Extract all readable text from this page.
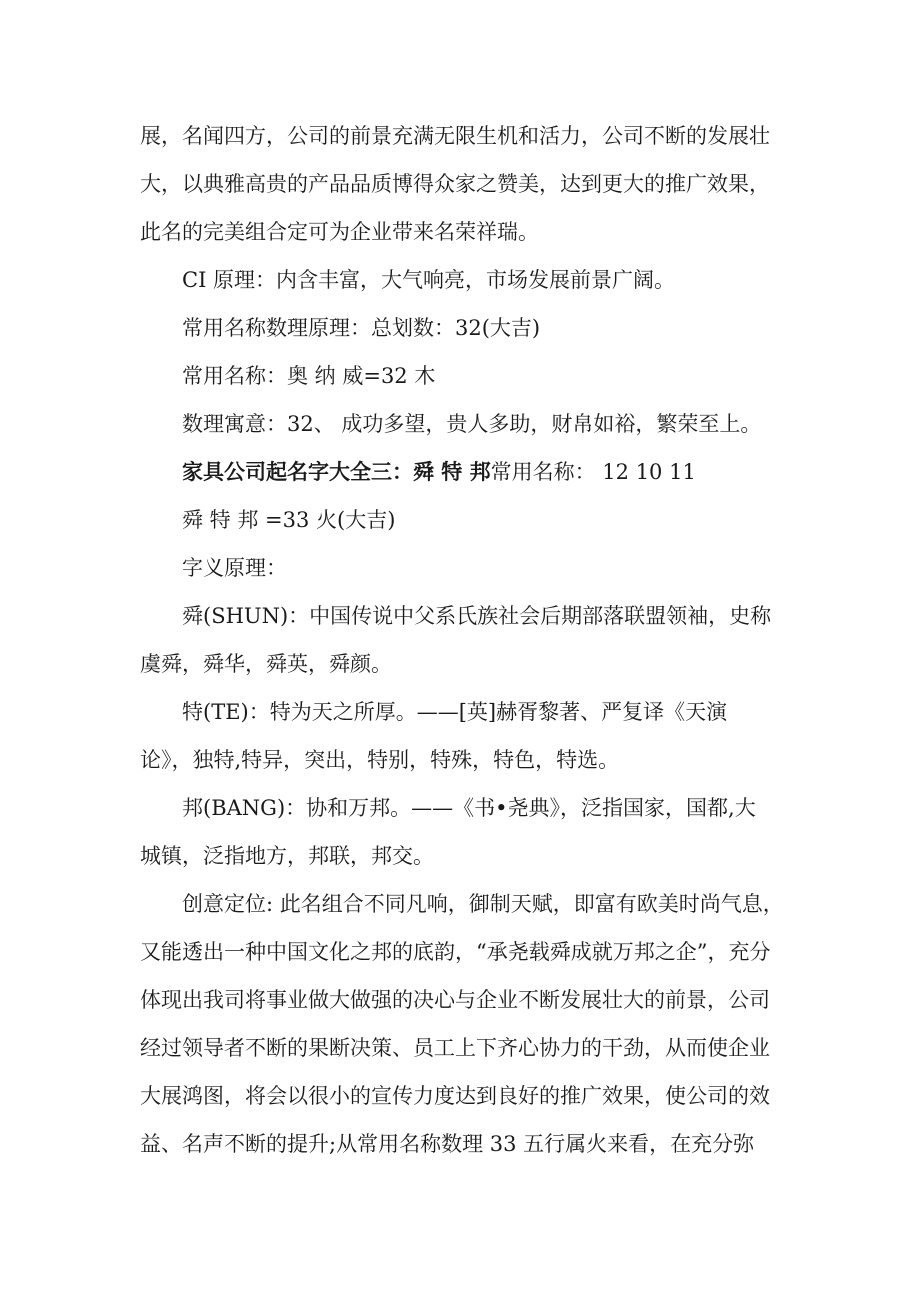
展，名闻四方，公司的前景充满无限生机和活力，公司不断的发展壮
大，以典雅高贵的产品品质博得众家之赞美，达到更大的推广效果，
此名的完美组合定可为企业带来名荣祥瑞。
CI 原理：内含丰富，大气响亮，市场发展前景广阔。
常用名称数理原理：总划数：32(大吉)
常用名称：奥 纳 威=32 木
数理寓意：32、 成功多望，贵人多助，财帛如裕，繁荣至上。
家具公司起名字大全三：舜 特 邦常用名称： 12 10 11
舜 特 邦 =33 火(大吉)
字义原理：
舜(SHUN)：中国传说中父系氏族社会后期部落联盟领袖，史称
虞舜，舜华，舜英，舜颜。
特(TE)：特为天之所厚。——[英]赫胥黎著、严复译《天演
论》，独特,特异，突出，特别，特殊，特色，特选。
邦(BANG)：协和万邦。——《书•尧典》，泛指国家，国都,大
城镇，泛指地方，邦联，邦交。
创意定位: 此名组合不同凡响，御制天赋，即富有欧美时尚气息，
又能透出一种中国文化之邦的底韵，“承尧载舜成就万邦之企”，充分
体现出我司将事业做大做强的决心与企业不断发展壮大的前景，公司
经过领导者不断的果断决策、员工上下齐心协力的干劲，从而使企业
大展鸿图，将会以很小的宣传力度达到良好的推广效果，使公司的效
益、名声不断的提升;从常用名称数理 33 五行属火来看，在充分弥
